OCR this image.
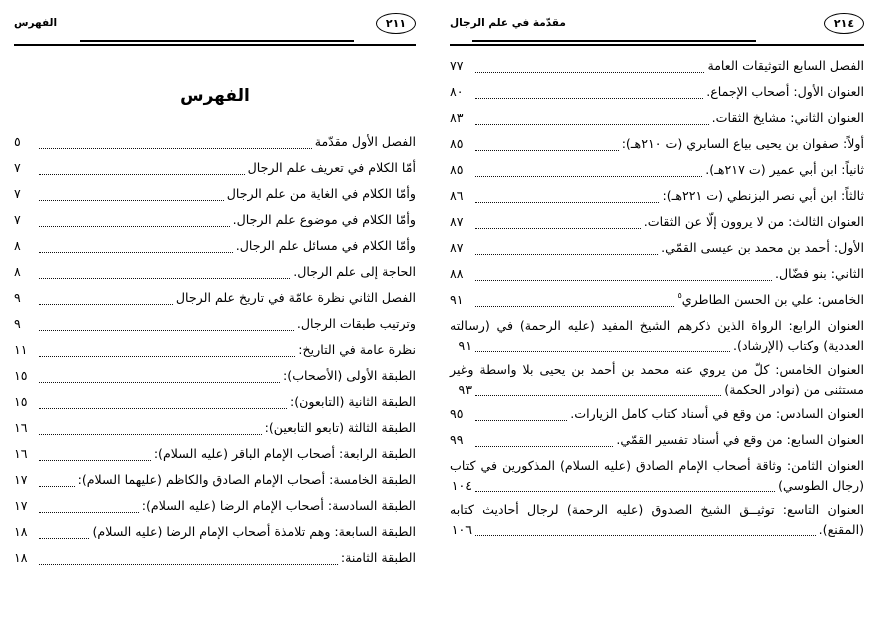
٢١٤
مقدّمة في علم الرجال
الفصل السابع التوثيقات العامة
٧٧
العنوان الأول: أصحاب الإجماع.
٨٠
العنوان الثاني: مشايخ الثقات.
٨٣
أولاً: صفوان بن يحيى بياع السابري (ت ٢١٠هـ):
٨٥
ثانياً: ابن أبي عمير (ت ٢١٧هـ).
٨٥
ثالثاً: ابن أبي نصر البزنطي (ت ٢٢١هـ):
٨٦
العنوان الثالث: من لا يروون إلّا عن الثقات.
٨٧
الأول: أحمد بن محمد بن عيسى القمّي.
٨٧
الثاني: بنو فضّال.
٨٨
الخامس: علي بن الحسن الطاطري$^٥$
٩١
العنوان الرابع: الرواة الذين ذكرهم الشيخ المفيد (عليه الرحمة) في (رسالته
العددية) وكتاب (الإرشاد).
٩١
العنوان الخامس: كلّ من يروي عنه محمد بن أحمد بن يحيى بلا واسطة وغير
مستثنى من (نوادر الحكمة)
٩٣
العنوان السادس: من وقع في أسناد كتاب كامل الزيارات.
٩٥
العنوان السابع: من وقع في أسناد تفسير القمّي.
٩٩
العنوان الثامن: وثاقة أصحاب الإمام الصادق (عليه السلام) المذكورين في كتاب
(رجال الطوسي)
١٠٤
العنوان التاسع: توثيــق الشيخ الصدوق (عليه الرحمة) لرجال أحاديث كتابه
(المقنع).
١٠٦
٢١١
الفهرس
الفهرس
الفصل الأول مقدّمة
٥
أمّا الكلام في تعريف علم الرجال
٧
وأمّا الكلام في الغاية من علم الرجال
٧
وأمّا الكلام في موضوع علم الرجال.
٧
وأمّا الكلام في مسائل علم الرجال.
٨
الحاجة إلى علم الرجال.
٨
الفصل الثاني نظرة عامّة في تاريخ علم الرجال
٩
وترتيب طبقات الرجال.
٩
نظرة عامة في التاريخ:
١١
الطبقة الأولى (الأصحاب):
١٥
الطبقة الثانية (التابعون):
١٥
الطبقة الثالثة (تابعو التابعين):
١٦
الطبقة الرابعة: أصحاب الإمام الباقر (عليه السلام):
١٦
الطبقة الخامسة: أصحاب الإمام الصادق والكاظم (عليهما السلام):
١٧
الطبقة السادسة: أصحاب الإمام الرضا (عليه السلام):
١٧
الطبقة السابعة: وهم تلامذة أصحاب الإمام الرضا (عليه السلام)
١٨
الطبقة الثامنة:
١٨
